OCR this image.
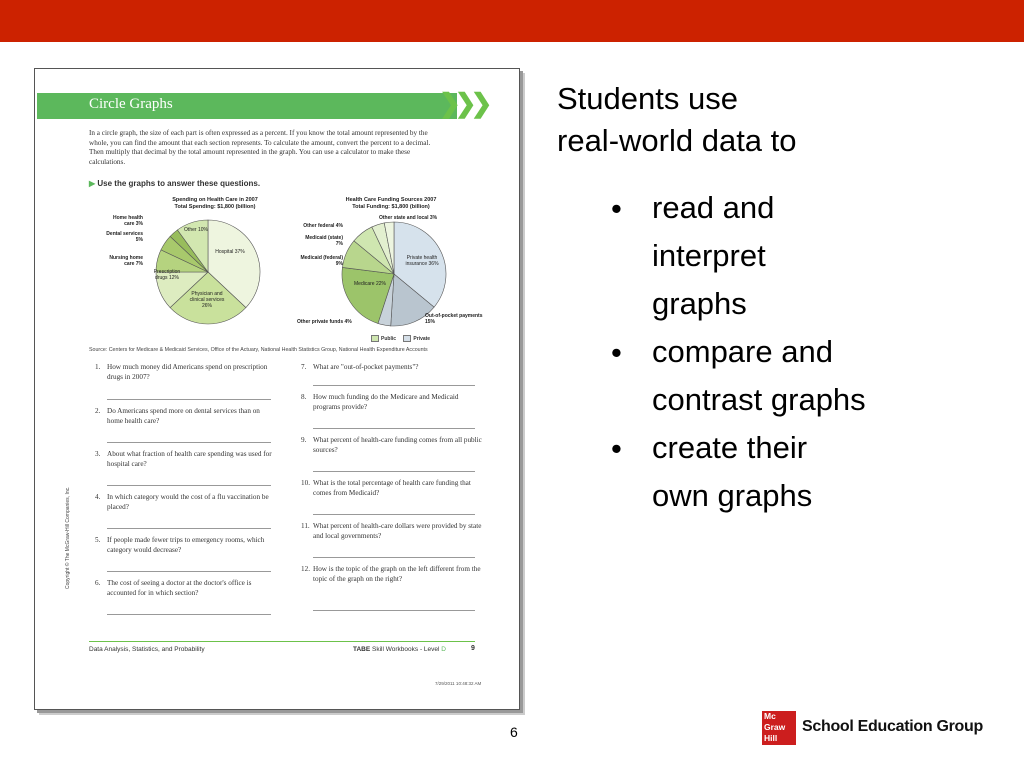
Circle Graphs	❯❯❯
In a circle graph, the size of each part is often expressed as a percent. If you know the total amount represented by the whole, you can find the amount that each section represents. To calculate the amount, convert the percent to a decimal. Then multiply that decimal by the total amount represented in the graph. You can use a calculator to make these calculations.
▶ Use the graphs to answer these questions.
Spending on Health Care in 2007
Total Spending: $1,800 (billion)
Home health care 3%
Dental services 5%
Nursing home care 7%
Other 10%
Hospital 37%
Prescription drugs 12%
Physician and clinical services 26%
Health Care Funding Sources 2007
Total Funding: $1,800 (billion)
Other state and local 3%
Other federal 4%
Medicaid (state) 7%
Medicaid (federal) 9%
Medicare 22%
Private health insurance 36%
Out-of-pocket payments 15%
Other private funds 4%
Public	Private
Source: Centers for Medicare & Medicaid Services, Office of the Actuary, National Health Statistics Group, National Health Expenditure Accounts
1. How much money did Americans spend on prescription drugs in 2007?
2. Do Americans spend more on dental services than on home health care?
3. About what fraction of health care spending was used for hospital care?
4. In which category would the cost of a flu vaccination be placed?
5. If people made fewer trips to emergency rooms, which category would decrease?
6. The cost of seeing a doctor at the doctor's office is accounted for in which section?
7. What are "out-of-pocket payments"?
8. How much funding do the Medicare and Medicaid programs provide?
9. What percent of health-care funding comes from all public sources?
10. What is the total percentage of health care funding that comes from Medicaid?
11. What percent of health-care dollars were provided by state and local governments?
12. How is the topic of the graph on the left different from the topic of the graph on the right?
Data Analysis, Statistics, and Probability	TABE Skill Workbooks - Level D	9
Copyright © The McGraw-Hill Companies, Inc.
7/29/2011 10:48:32 AM
Students use
real-world data to
• read and
interpret
graphs
• compare and
contrast graphs
• create their
own graphs
6
Mc
Graw
Hill
School Education Group
